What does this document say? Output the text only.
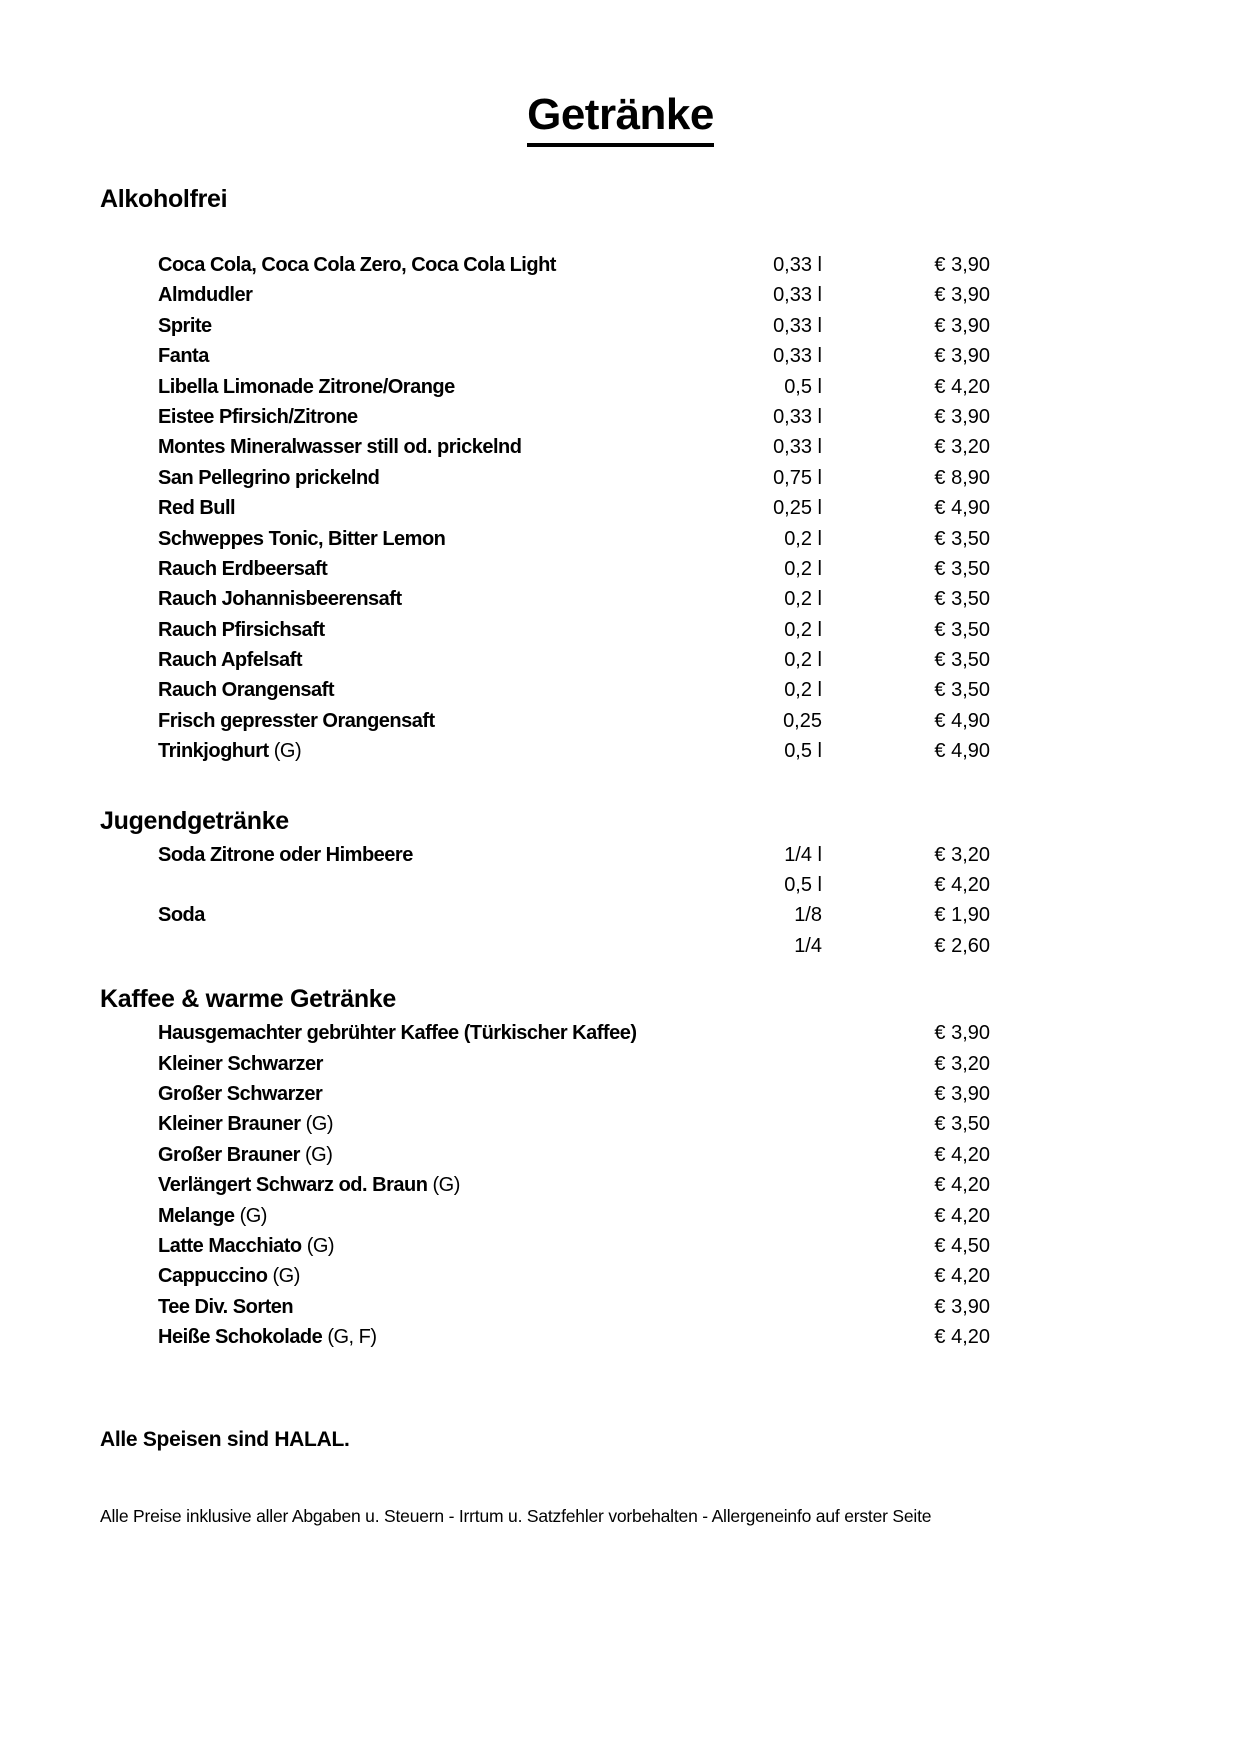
Getränke
Alkoholfrei
Coca Cola, Coca Cola Zero, Coca Cola Light	0,33 l	€ 3,90
Almdudler	0,33 l	€ 3,90
Sprite	0,33 l	€ 3,90
Fanta	0,33 l	€ 3,90
Libella Limonade Zitrone/Orange	0,5 l	€ 4,20
Eistee Pfirsich/Zitrone	0,33 l	€ 3,90
Montes Mineralwasser still od. prickelnd	0,33 l	€ 3,20
San Pellegrino prickelnd	0,75 l	€ 8,90
Red Bull	0,25 l	€ 4,90
Schweppes Tonic, Bitter Lemon	0,2 l	€ 3,50
Rauch Erdbeersaft	0,2 l	€ 3,50
Rauch Johannisbeerensaft	0,2 l	€ 3,50
Rauch Pfirsichsaft	0,2 l	€ 3,50
Rauch Apfelsaft	0,2 l	€ 3,50
Rauch Orangensaft	0,2 l	€ 3,50
Frisch gepresster Orangensaft	0,25	€ 4,90
Trinkjoghurt (G)	0,5 l	€ 4,90
Jugendgetränke
Soda Zitrone oder Himbeere	1/4 l	€ 3,20
0,5 l	€ 4,20
Soda	1/8	€ 1,90
1/4	€ 2,60
Kaffee & warme Getränke
Hausgemachter gebrühter Kaffee (Türkischer Kaffee)	€ 3,90
Kleiner Schwarzer	€ 3,20
Großer Schwarzer	€ 3,90
Kleiner Brauner (G)	€ 3,50
Großer Brauner (G)	€ 4,20
Verlängert Schwarz od. Braun (G)	€ 4,20
Melange (G)	€ 4,20
Latte Macchiato (G)	€ 4,50
Cappuccino (G)	€ 4,20
Tee Div. Sorten	€ 3,90
Heiße Schokolade (G, F)	€ 4,20
Alle Speisen sind HALAL.
Alle Preise inklusive aller Abgaben u. Steuern - Irrtum u. Satzfehler vorbehalten - Allergeneinfo auf erster Seite
